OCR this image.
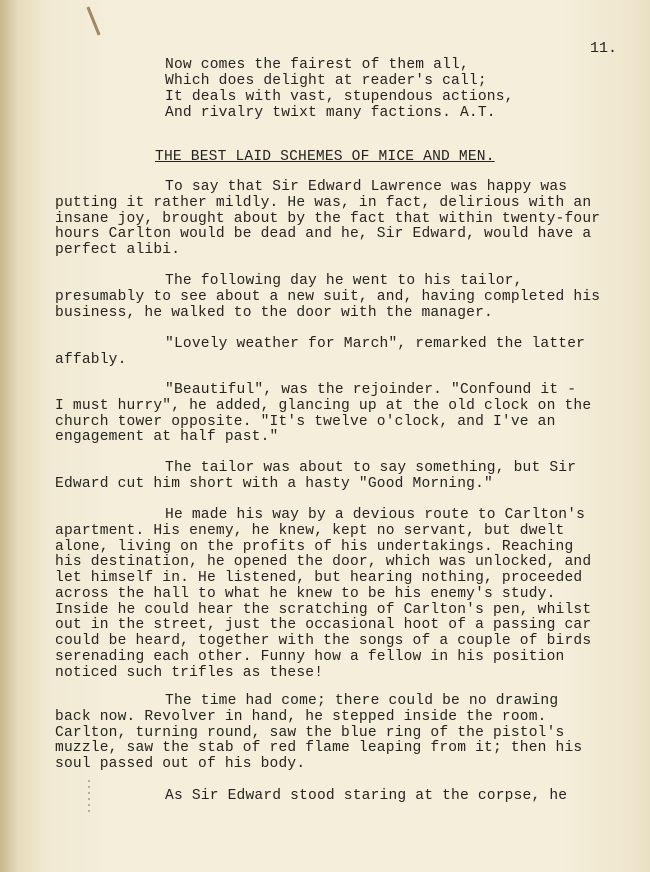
11.
Now comes the fairest of them all,
Which does delight at reader's call;
It deals with vast, stupendous actions,
And rivalry twixt many factions. A.T.
THE BEST LAID SCHEMES OF MICE AND MEN.
To say that Sir Edward Lawrence was happy was
putting it rather mildly. He was, in fact, delirious with an
insane joy, brought about by the fact that within twenty-four
hours Carlton would be dead and he, Sir Edward, would have a
perfect alibi.
The following day he went to his tailor,
presumably to see about a new suit, and, having completed his
business, he walked to the door with the manager.
"Lovely weather for March", remarked the latter
affably.
"Beautiful", was the rejoinder. "Confound it -
I must hurry", he added, glancing up at the old clock on the
church tower opposite. "It's twelve o'clock, and I've an
engagement at half past."
The tailor was about to say something, but Sir
Edward cut him short with a hasty "Good Morning."
He made his way by a devious route to Carlton's
apartment. His enemy, he knew, kept no servant, but dwelt
alone, living on the profits of his undertakings. Reaching
his destination, he opened the door, which was unlocked, and
let himself in. He listened, but hearing nothing, proceeded
across the hall to what he knew to be his enemy's study.
Inside he could hear the scratching of Carlton's pen, whilst
out in the street, just the occasional hoot of a passing car
could be heard, together with the songs of a couple of birds
serenading each other. Funny how a fellow in his position
noticed such trifles as these!
The time had come; there could be no drawing
back now. Revolver in hand, he stepped inside the room.
Carlton, turning round, saw the blue ring of the pistol's
muzzle, saw the stab of red flame leaping from it; then his
soul passed out of his body.
As Sir Edward stood staring at the corpse, he
